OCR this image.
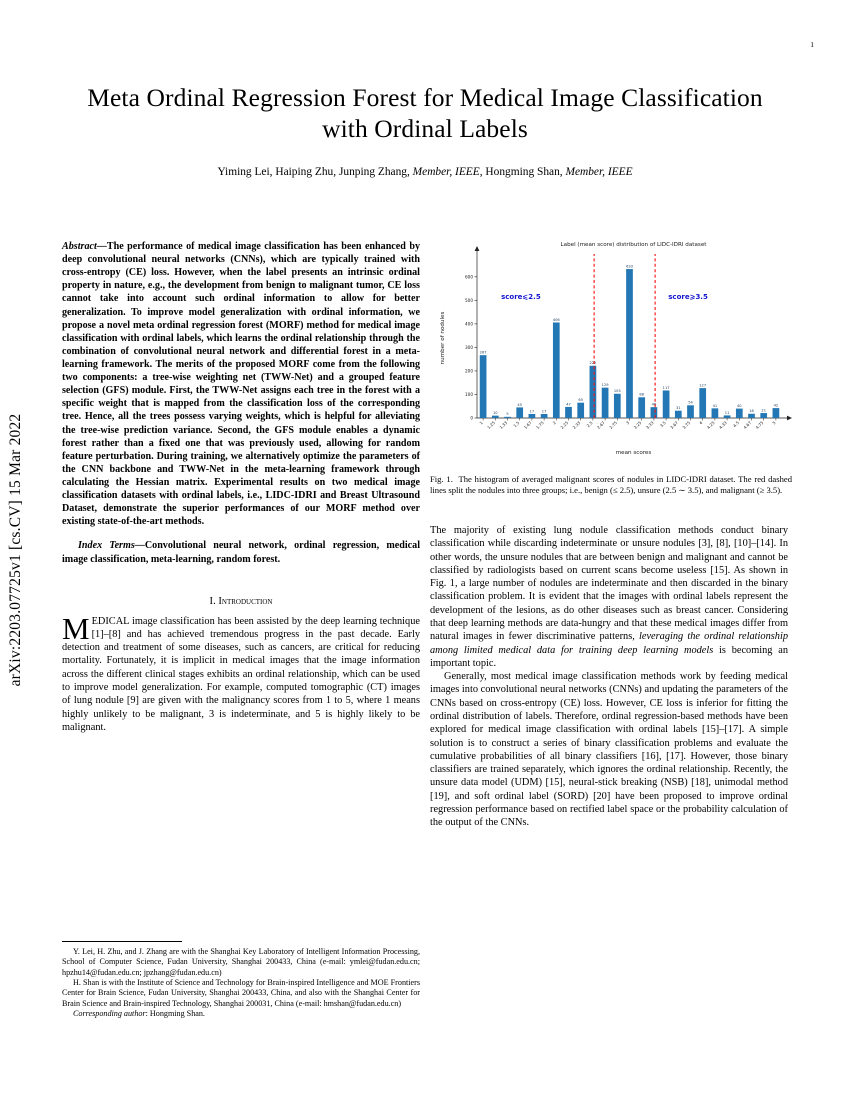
arXiv:2203.07725v1 [cs.CV] 15 Mar 2022
1
Meta Ordinal Regression Forest for Medical Image Classification with Ordinal Labels
Yiming Lei, Haiping Zhu, Junping Zhang, Member, IEEE, Hongming Shan, Member, IEEE
Abstract—The performance of medical image classification has been enhanced by deep convolutional neural networks (CNNs), which are typically trained with cross-entropy (CE) loss. However, when the label presents an intrinsic ordinal property in nature, e.g., the development from benign to malignant tumor, CE loss cannot take into account such ordinal information to allow for better generalization. To improve model generalization with ordinal information, we propose a novel meta ordinal regression forest (MORF) method for medical image classification with ordinal labels, which learns the ordinal relationship through the combination of convolutional neural network and differential forest in a meta-learning framework. The merits of the proposed MORF come from the following two components: a tree-wise weighting net (TWW-Net) and a grouped feature selection (GFS) module. First, the TWW-Net assigns each tree in the forest with a specific weight that is mapped from the classification loss of the corresponding tree. Hence, all the trees possess varying weights, which is helpful for alleviating the tree-wise prediction variance. Second, the GFS module enables a dynamic forest rather than a fixed one that was previously used, allowing for random feature perturbation. During training, we alternatively optimize the parameters of the CNN backbone and TWW-Net in the meta-learning framework through calculating the Hessian matrix. Experimental results on two medical image classification datasets with ordinal labels, i.e., LIDC-IDRI and Breast Ultrasound Dataset, demonstrate the superior performances of our MORF method over existing state-of-the-art methods.
Index Terms—Convolutional neural network, ordinal regression, medical image classification, meta-learning, random forest.
I. Introduction
MEDICAL image classification has been assisted by the deep learning technique [1]–[8] and has achieved tremendous progress in the past decade. Early detection and treatment of some diseases, such as cancers, are critical for reducing mortality. Fortunately, it is implicit in medical images that the image information across the different clinical stages exhibits an ordinal relationship, which can be used to improve model generalization. For example, computed tomographic (CT) images of lung nodule [9] are given with the malignancy scores from 1 to 5, where 1 means highly unlikely to be malignant, 3 is indeterminate, and 5 is highly likely to be malignant.

Y. Lei, H. Zhu, and J. Zhang are with the Shanghai Key Laboratory of Intelligent Information Processing, School of Computer Science, Fudan University, Shanghai 200433, China (e-mail: ymlei@fudan.edu.cn; hpzhu14@fudan.edu.cn; jpzhang@fudan.edu.cn)

H. Shan is with the Institute of Science and Technology for Brain-inspired Intelligence and MOE Frontiers Center for Brain Science, Fudan University, Shanghai 200433, China, and also with the Shanghai Center for Brain Science and Brain-inspired Technology, Shanghai 200031, China (e-mail: hmshan@fudan.edu.cn)

Corresponding author: Hongming Shan.

0
100
200
300
400
500
600
number of nodules
Label (mean score) distribution of LIDC-IDRI dataset
267
1
10
1.25
5
1.33
45
1.5
17
1.67
17
1.75
406
2
47
2.25
65
2.33
222
2.5
129
2.67
103
2.75
633
3
88
3.25
46
3.33
117
3.5
31
3.67
54
3.75
127
4
41
4.25
11
4.33
40
4.5
18
4.67
21
4.75
42
5
mean scores
score⩽2.5	score⩾3.5
Fig. 1. The histogram of averaged malignant scores of nodules in LIDC-IDRI dataset. The red dashed lines split the nodules into three groups; i.e., benign (≤ 2.5), unsure (2.5 ∼ 3.5), and malignant (≥ 3.5).

The majority of existing lung nodule classification methods conduct binary classification while discarding indeterminate or unsure nodules [3], [8], [10]–[14]. In other words, the unsure nodules that are between benign and malignant and cannot be classified by radiologists based on current scans become useless [15]. As shown in Fig. 1, a large number of nodules are indeterminate and then discarded in the binary classification problem. It is evident that the images with ordinal labels represent the development of the lesions, as do other diseases such as breast cancer. Considering that deep learning methods are data-hungry and that these medical images differ from natural images in fewer discriminative patterns, leveraging the ordinal relationship among limited medical data for training deep learning models is becoming an important topic.

Generally, most medical image classification methods work by feeding medical images into convolutional neural networks (CNNs) and updating the parameters of the CNNs based on cross-entropy (CE) loss. However, CE loss is inferior for fitting the ordinal distribution of labels. Therefore, ordinal regression-based methods have been explored for medical image classification with ordinal labels [15]–[17]. A simple solution is to construct a series of binary classification problems and evaluate the cumulative probabilities of all binary classifiers [16], [17]. However, those binary classifiers are trained separately, which ignores the ordinal relationship. Recently, the unsure data model (UDM) [15], neural-stick breaking (NSB) [18], unimodal method [19], and soft ordinal label (SORD) [20] have been proposed to improve ordinal regression performance based on rectified label space or the probability calculation of the output of the CNNs.
